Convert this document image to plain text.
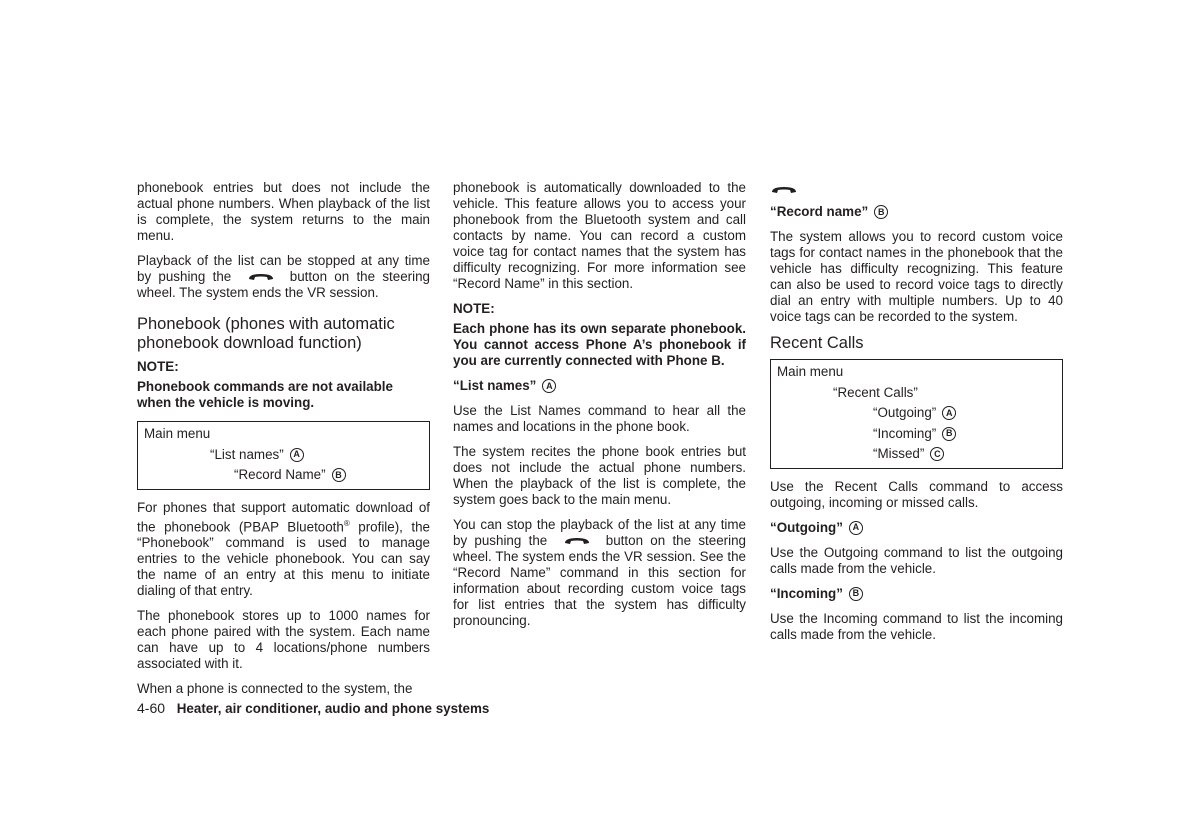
phonebook entries but does not include the actual phone numbers. When playback of the list is complete, the system returns to the main menu.

Playback of the list can be stopped at any time by pushing the	button on the steering wheel. The system ends the VR session.

Phonebook (phones with automatic phonebook download function)
NOTE:

Phonebook commands are not available when the vehicle is moving.

Main menu
“List names”	A
“Record Name”	B

For phones that support automatic download of the phonebook (PBAP Bluetooth® profile), the “Phonebook” command is used to manage entries to the vehicle phonebook. You can say the name of an entry at this menu to initiate dialing of that entry.

The phonebook stores up to 1000 names for each phone paired with the system. Each name can have up to 4 locations/phone numbers associated with it.

When a phone is connected to the system, the

phonebook is automatically downloaded to the vehicle. This feature allows you to access your phonebook from the Bluetooth system and call contacts by name. You can record a custom voice tag for contact names that the system has difficulty recognizing. For more information see “Record Name” in this section.

NOTE:

Each phone has its own separate phonebook. You cannot access Phone A’s phonebook if you are currently connected with Phone B.

“List names”	A

Use the List Names command to hear all the names and locations in the phone book.

The system recites the phone book entries but does not include the actual phone numbers. When the playback of the list is complete, the system goes back to the main menu.

You can stop the playback of the list at any time by pushing the	button on the steering wheel. The system ends the VR session. See the “Record Name” command in this section for information about recording custom voice tags for list entries that the system has difficulty pronouncing.

“Record name”	B

The system allows you to record custom voice tags for contact names in the phonebook that the vehicle has difficulty recognizing. This feature can also be used to record voice tags to directly dial an entry with multiple numbers. Up to 40 voice tags can be recorded to the system.

Recent Calls
Main menu
“Recent Calls”
“Outgoing”	A
“Incoming”	B
“Missed”	C

Use the Recent Calls command to access outgoing, incoming or missed calls.

“Outgoing”	A

Use the Outgoing command to list the outgoing calls made from the vehicle.

“Incoming”	B

Use the Incoming command to list the incoming calls made from the vehicle.

4-60 Heater, air conditioner, audio and phone systems
